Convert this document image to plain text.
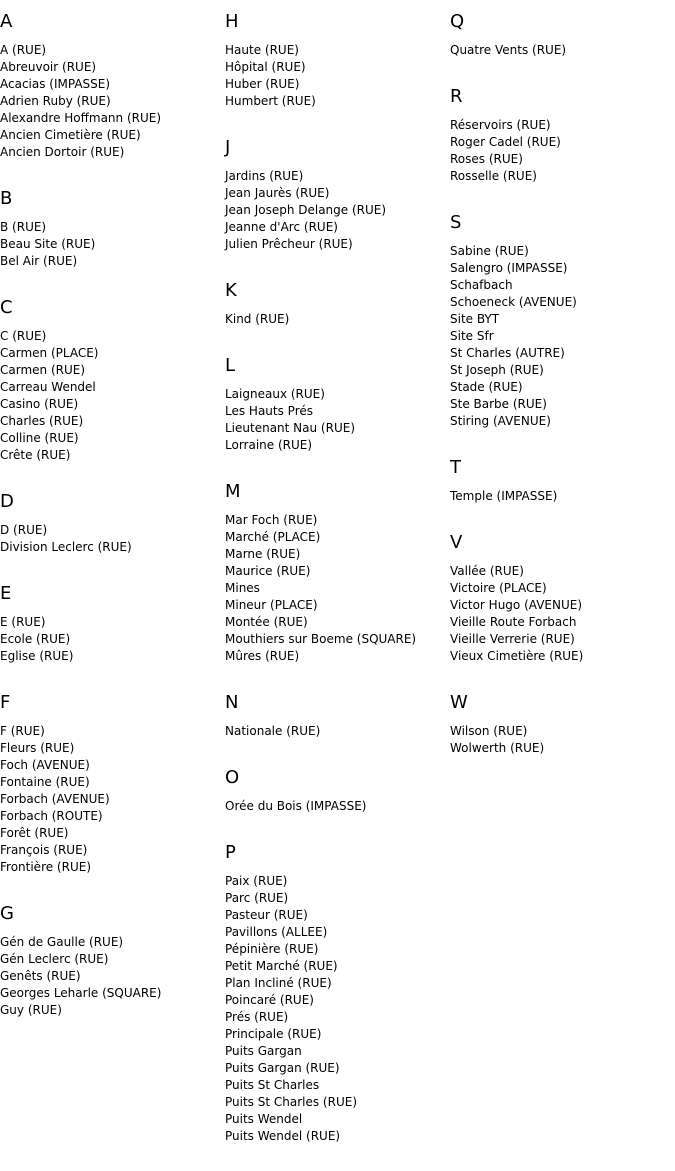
A
A (RUE)
Abreuvoir (RUE)
Acacias (IMPASSE)
Adrien Ruby (RUE)
Alexandre Hoffmann (RUE)
Ancien Cimetière (RUE)
Ancien Dortoir (RUE)
B
B (RUE)
Beau Site (RUE)
Bel Air (RUE)
C
C (RUE)
Carmen (PLACE)
Carmen (RUE)
Carreau Wendel
Casino (RUE)
Charles (RUE)
Colline (RUE)
Crête (RUE)
D
D (RUE)
Division Leclerc (RUE)
E
E (RUE)
Ecole (RUE)
Eglise (RUE)
F
F (RUE)
Fleurs (RUE)
Foch (AVENUE)
Fontaine (RUE)
Forbach (AVENUE)
Forbach (ROUTE)
Forêt (RUE)
François (RUE)
Frontière (RUE)
G
Gén de Gaulle (RUE)
Gén Leclerc (RUE)
Genêts (RUE)
Georges Leharle (SQUARE)
Guy (RUE)
H
Haute (RUE)
Hôpital (RUE)
Huber (RUE)
Humbert (RUE)
J
Jardins (RUE)
Jean Jaurès (RUE)
Jean Joseph Delange (RUE)
Jeanne d'Arc (RUE)
Julien Prêcheur (RUE)
K
Kind (RUE)
L
Laigneaux (RUE)
Les Hauts Prés
Lieutenant Nau (RUE)
Lorraine (RUE)
M
Mar Foch (RUE)
Marché (PLACE)
Marne (RUE)
Maurice (RUE)
Mines
Mineur (PLACE)
Montée (RUE)
Mouthiers sur Boeme (SQUARE)
Mûres (RUE)
N
Nationale (RUE)
O
Orée du Bois (IMPASSE)
P
Paix (RUE)
Parc (RUE)
Pasteur (RUE)
Pavillons (ALLEE)
Pépinière (RUE)
Petit Marché (RUE)
Plan Incliné (RUE)
Poincaré (RUE)
Prés (RUE)
Principale (RUE)
Puits Gargan
Puits Gargan (RUE)
Puits St Charles
Puits St Charles (RUE)
Puits Wendel
Puits Wendel (RUE)
Q
Quatre Vents (RUE)
R
Réservoirs (RUE)
Roger Cadel (RUE)
Roses (RUE)
Rosselle (RUE)
S
Sabine (RUE)
Salengro (IMPASSE)
Schafbach
Schoeneck (AVENUE)
Site BYT
Site Sfr
St Charles (AUTRE)
St Joseph (RUE)
Stade (RUE)
Ste Barbe (RUE)
Stiring (AVENUE)
T
Temple (IMPASSE)
V
Vallée (RUE)
Victoire (PLACE)
Victor Hugo (AVENUE)
Vieille Route Forbach
Vieille Verrerie (RUE)
Vieux Cimetière (RUE)
W
Wilson (RUE)
Wolwerth (RUE)
